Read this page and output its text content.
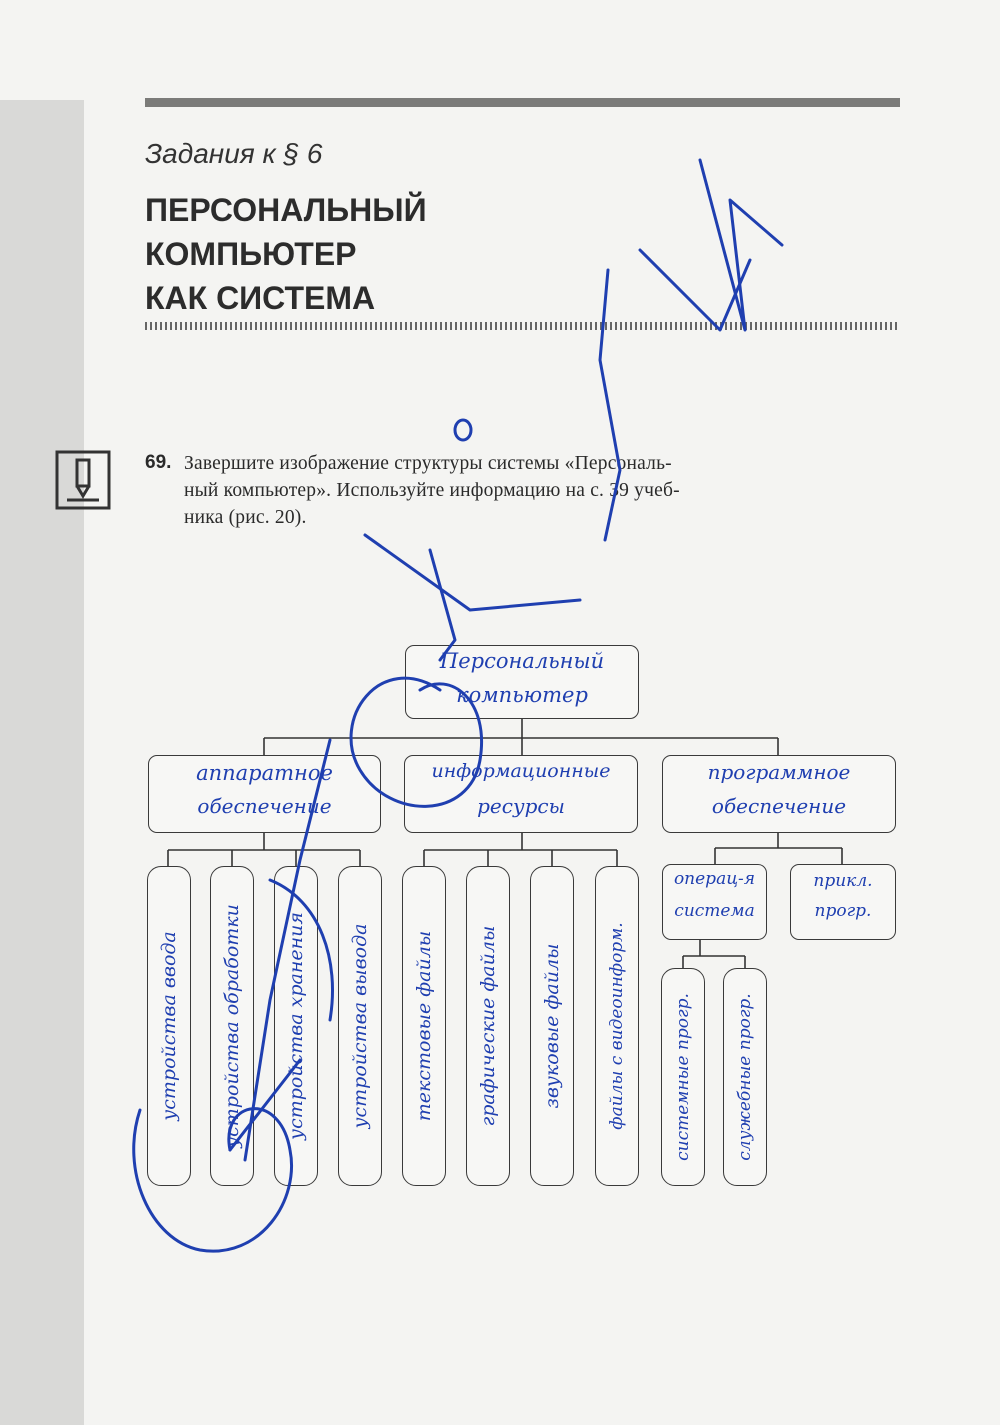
Задания к § 6
ПЕРСОНАЛЬНЫЙ
КОМПЬЮТЕР
КАК СИСТЕМА
69. Завершите изображение структуры системы «Персональ-
ный компьютер». Используйте информацию на с. 39 учеб-
ника (рис. 20).

Персональный
компьютер
аппаратное
обеспечение
информационные
ресурсы
программное
обеспечение
устройства ввода устройства обработки устройства хранения устройства вывода текстовые файлы графические файлы звуковые файлы	файлы с видеоинформ.
операц-я
система
прикл.
прогр.
системные прогр. служебные прогр.
